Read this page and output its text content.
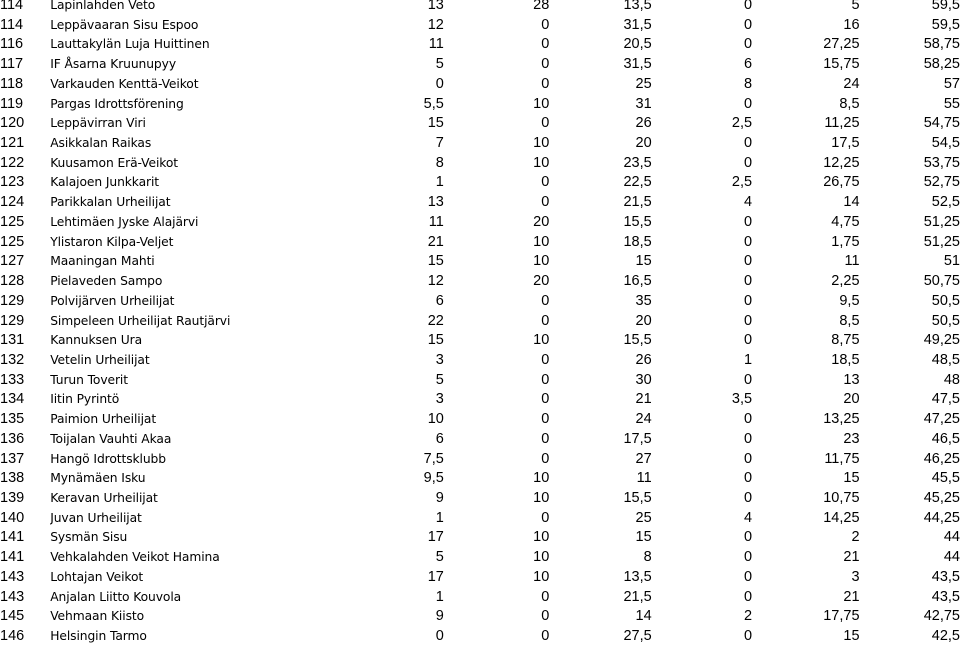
114	Lapinlahden Veto	13	28	13,5	0	5	59,5
114	Leppävaaran Sisu Espoo	12	0	31,5	0	16	59,5
116	Lauttakylän Luja Huittinen	11	0	20,5	0	27,25	58,75
117	IF Åsarna Kruunupyy	5	0	31,5	6	15,75	58,25
118	Varkauden Kenttä-Veikot	0	0	25	8	24	57
119	Pargas Idrottsförening	5,5	10	31	0	8,5	55
120	Leppävirran Viri	15	0	26	2,5	11,25	54,75
121	Asikkalan Raikas	7	10	20	0	17,5	54,5
122	Kuusamon Erä-Veikot	8	10	23,5	0	12,25	53,75
123	Kalajoen Junkkarit	1	0	22,5	2,5	26,75	52,75
124	Parikkalan Urheilijat	13	0	21,5	4	14	52,5
125	Lehtimäen Jyske Alajärvi	11	20	15,5	0	4,75	51,25
125	Ylistaron Kilpa-Veljet	21	10	18,5	0	1,75	51,25
127	Maaningan Mahti	15	10	15	0	11	51
128	Pielaveden Sampo	12	20	16,5	0	2,25	50,75
129	Polvijärven Urheilijat	6	0	35	0	9,5	50,5
129	Simpeleen Urheilijat Rautjärvi	22	0	20	0	8,5	50,5
131	Kannuksen Ura	15	10	15,5	0	8,75	49,25
132	Vetelin Urheilijat	3	0	26	1	18,5	48,5
133	Turun Toverit	5	0	30	0	13	48
134	Iitin Pyrintö	3	0	21	3,5	20	47,5
135	Paimion Urheilijat	10	0	24	0	13,25	47,25
136	Toijalan Vauhti Akaa	6	0	17,5	0	23	46,5
137	Hangö Idrottsklubb	7,5	0	27	0	11,75	46,25
138	Mynämäen Isku	9,5	10	11	0	15	45,5
139	Keravan Urheilijat	9	10	15,5	0	10,75	45,25
140	Juvan Urheilijat	1	0	25	4	14,25	44,25
141	Sysmän Sisu	17	10	15	0	2	44
141	Vehkalahden Veikot Hamina	5	10	8	0	21	44
143	Lohtajan Veikot	17	10	13,5	0	3	43,5
143	Anjalan Liitto Kouvola	1	0	21,5	0	21	43,5
145	Vehmaan Kiisto	9	0	14	2	17,75	42,75
146	Helsingin Tarmo	0	0	27,5	0	15	42,5
